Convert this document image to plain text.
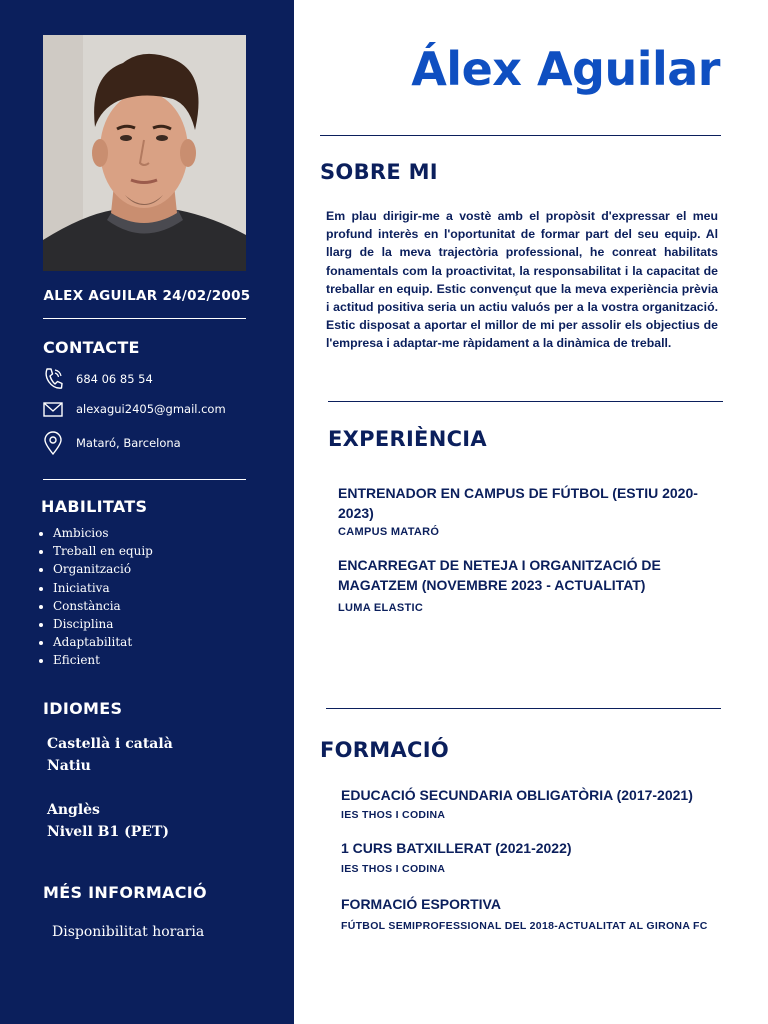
ALEX AGUILAR 24/02/2005
CONTACTE
684 06 85 54
alexagui2405@gmail.com
Mataró, Barcelona
HABILITATS
• Ambicios
• Treball en equip
• Organització
• Iniciativa
• Constància
• Disciplina
• Adaptabilitat
• Eficient
IDIOMES
Castellà i català
Natiu
Anglès
Nivell B1 (PET)
MÉS INFORMACIÓ
Disponibilitat horaria
Álex Aguilar
SOBRE MI

Em plau dirigir-me a vostè amb el propòsit d'expressar el meu profund interès en l'oportunitat de formar part del seu equip. Al llarg de la meva trajectòria professional, he conreat habilitats fonamentals com la proactivitat, la responsabilitat i la capacitat de treballar en equip. Estic convençut que la meva experiència prèvia i actitud positiva seria un actiu valuós per a la vostra organització. Estic disposat a aportar el millor de mi per assolir els objectius de l'empresa i adaptar-me ràpidament a la dinàmica de treball.

EXPERIÈNCIA
ENTRENADOR EN CAMPUS DE FÚTBOL (ESTIU 2020-2023)
CAMPUS MATARÓ
ENCARREGAT DE NETEJA I ORGANITZACIÓ DE MAGATZEM (NOVEMBRE 2023 - ACTUALITAT)
LUMA ELASTIC
FORMACIÓ
EDUCACIÓ SECUNDARIA OBLIGATÒRIA (2017-2021)
IES THOS I CODINA
1 CURS BATXILLERAT (2021-2022)
IES THOS I CODINA
FORMACIÓ ESPORTIVA
FÚTBOL SEMIPROFESSIONAL DEL 2018-ACTUALITAT AL GIRONA FC
